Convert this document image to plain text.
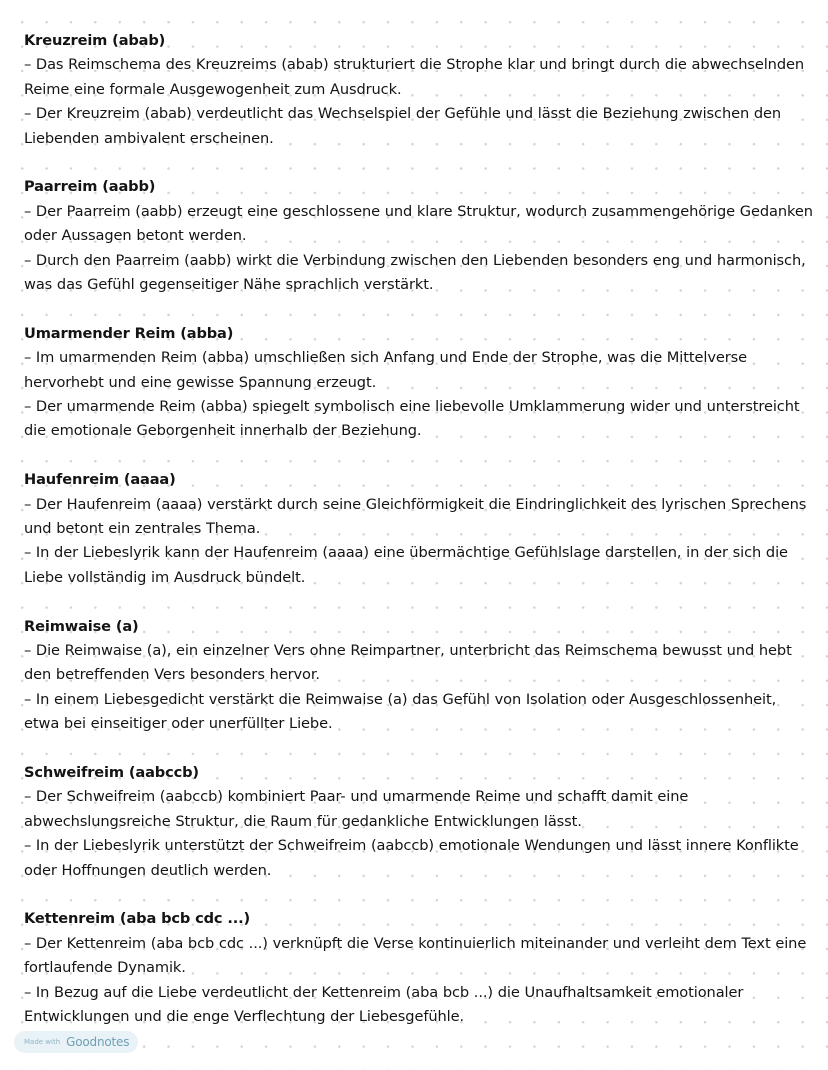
Kreuzreim (abab)
– Das Reimschema des Kreuzreims (abab) strukturiert die Strophe klar und bringt durch die abwechselnden Reime eine formale Ausgewogenheit zum Ausdruck.
– Der Kreuzreim (abab) verdeutlicht das Wechselspiel der Gefühle und lässt die Beziehung zwischen den Liebenden ambivalent erscheinen.
Paarreim (aabb)
– Der Paarreim (aabb) erzeugt eine geschlossene und klare Struktur, wodurch zusammengehörige Gedanken oder Aussagen betont werden.
– Durch den Paarreim (aabb) wirkt die Verbindung zwischen den Liebenden besonders eng und harmonisch, was das Gefühl gegenseitiger Nähe sprachlich verstärkt.
Umarmender Reim (abba)
– Im umarmenden Reim (abba) umschließen sich Anfang und Ende der Strophe, was die Mittelverse hervorhebt und eine gewisse Spannung erzeugt.
– Der umarmende Reim (abba) spiegelt symbolisch eine liebevolle Umklammerung wider und unterstreicht die emotionale Geborgenheit innerhalb der Beziehung.
Haufenreim (aaaa)
– Der Haufenreim (aaaa) verstärkt durch seine Gleichförmigkeit die Eindringlichkeit des lyrischen Sprechens und betont ein zentrales Thema.
– In der Liebeslyrik kann der Haufenreim (aaaa) eine übermächtige Gefühlslage darstellen, in der sich die Liebe vollständig im Ausdruck bündelt.
Reimwaise (a)
– Die Reimwaise (a), ein einzelner Vers ohne Reimpartner, unterbricht das Reimschema bewusst und hebt den betreffenden Vers besonders hervor.
– In einem Liebesgedicht verstärkt die Reimwaise (a) das Gefühl von Isolation oder Ausgeschlossenheit, etwa bei einseitiger oder unerfüllter Liebe.
Schweifreim (aabccb)
– Der Schweifreim (aabccb) kombiniert Paar- und umarmende Reime und schafft damit eine abwechslungsreiche Struktur, die Raum für gedankliche Entwicklungen lässt.
– In der Liebeslyrik unterstützt der Schweifreim (aabccb) emotionale Wendungen und lässt innere Konflikte oder Hoffnungen deutlich werden.
Kettenreim (aba bcb cdc ...)
– Der Kettenreim (aba bcb cdc ...) verknüpft die Verse kontinuierlich miteinander und verleiht dem Text eine fortlaufende Dynamik.
– In Bezug auf die Liebe verdeutlicht der Kettenreim (aba bcb ...) die Unaufhaltsamkeit emotionaler Entwicklungen und die enge Verflechtung der Liebesgefühle.
Made with Goodnotes
